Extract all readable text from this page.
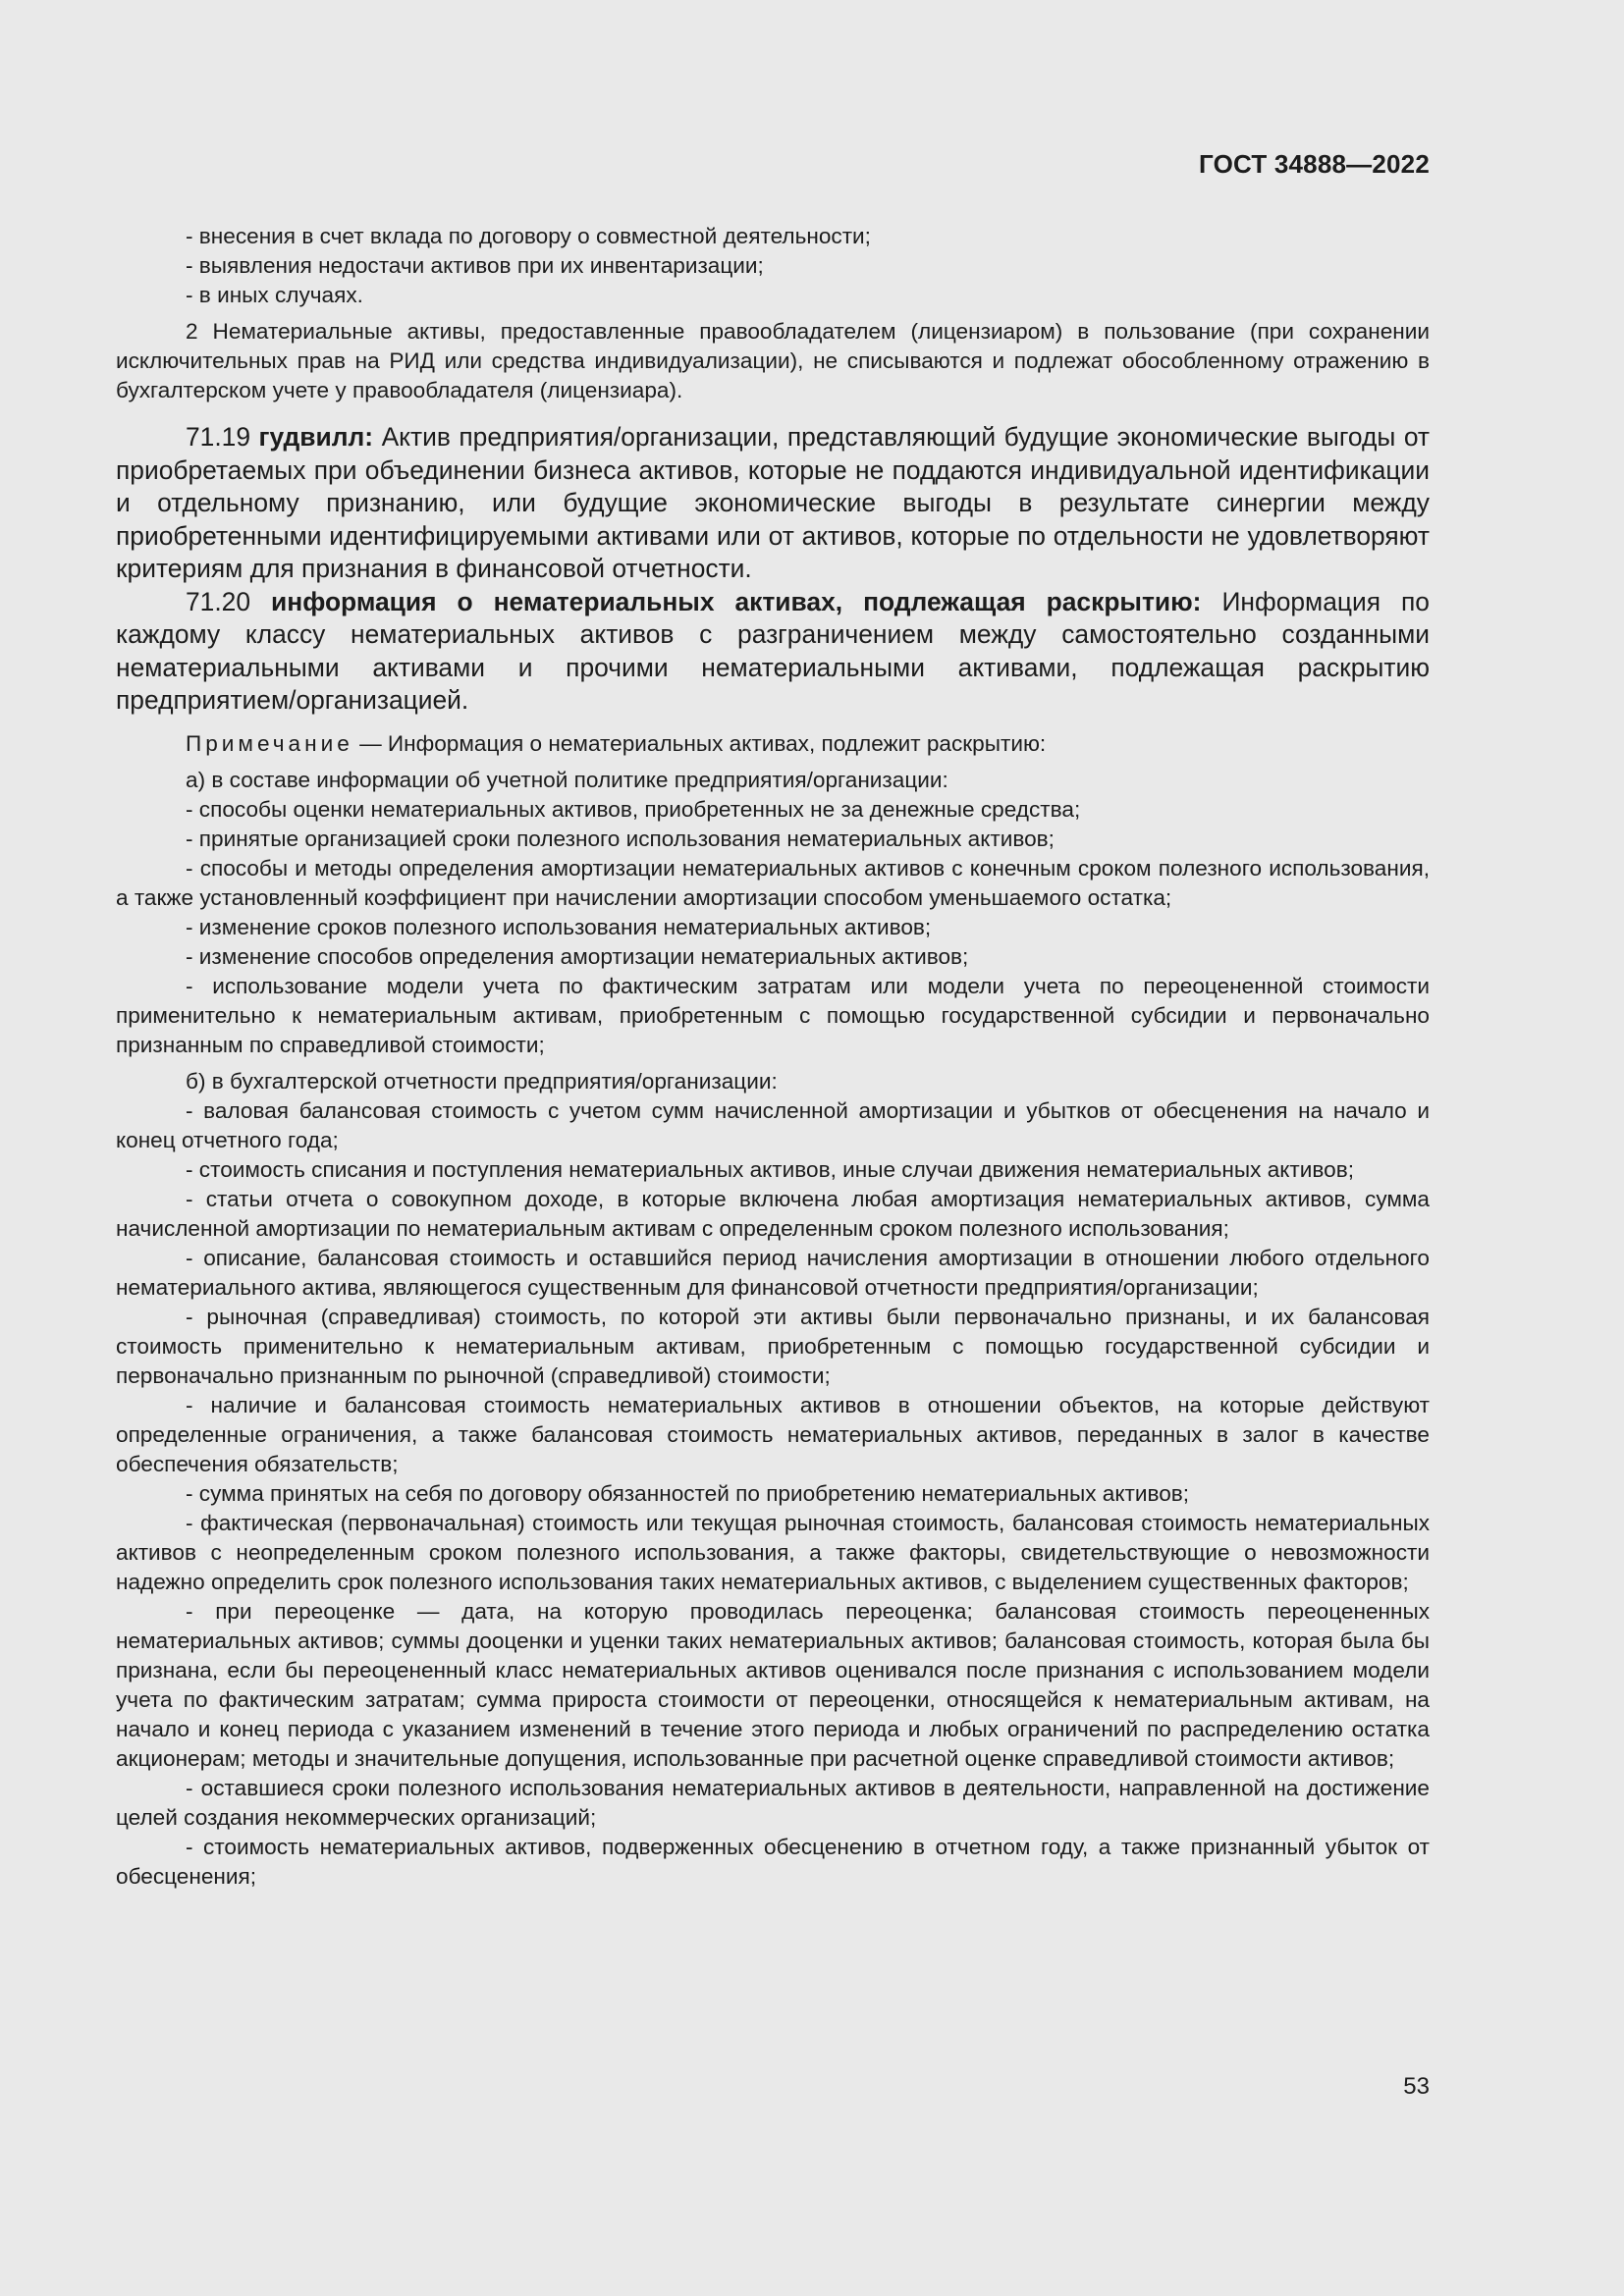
ГОСТ 34888—2022

- внесения в счет вклада по договору о совместной деятельности;

- выявления недостачи активов при их инвентаризации;

- в иных случаях.

2 Нематериальные активы, предоставленные правообладателем (лицензиаром) в пользование (при сохранении исключительных прав на РИД или средства индивидуализации), не списываются и подлежат обособленному отражению в бухгалтерском учете у правообладателя (лицензиара).

71.19 гудвилл: Актив предприятия/организации, представляющий будущие экономические выгоды от приобретаемых при объединении бизнеса активов, которые не поддаются индивидуальной идентификации и отдельному признанию, или будущие экономические выгоды в результате синергии между приобретенными идентифицируемыми активами или от активов, которые по отдельности не удовлетворяют критериям для признания в финансовой отчетности.

71.20 информация о нематериальных активах, подлежащая раскрытию: Информация по каждому классу нематериальных активов с разграничением между самостоятельно созданными нематериальными активами и прочими нематериальными активами, подлежащая раскрытию предприятием/организацией.

Примечание — Информация о нематериальных активах, подлежит раскрытию:

а) в составе информации об учетной политике предприятия/организации:

- способы оценки нематериальных активов, приобретенных не за денежные средства;

- принятые организацией сроки полезного использования нематериальных активов;

- способы и методы определения амортизации нематериальных активов с конечным сроком полезного использования, а также установленный коэффициент при начислении амортизации способом уменьшаемого остатка;

- изменение сроков полезного использования нематериальных активов;

- изменение способов определения амортизации нематериальных активов;

- использование модели учета по фактическим затратам или модели учета по переоцененной стоимости применительно к нематериальным активам, приобретенным с помощью государственной субсидии и первоначально признанным по справедливой стоимости;

б) в бухгалтерской отчетности предприятия/организации:

- валовая балансовая стоимость с учетом сумм начисленной амортизации и убытков от обесценения на начало и конец отчетного года;

- стоимость списания и поступления нематериальных активов, иные случаи движения нематериальных активов;

- статьи отчета о совокупном доходе, в которые включена любая амортизация нематериальных активов, сумма начисленной амортизации по нематериальным активам с определенным сроком полезного использования;

- описание, балансовая стоимость и оставшийся период начисления амортизации в отношении любого отдельного нематериального актива, являющегося существенным для финансовой отчетности предприятия/организации;

- рыночная (справедливая) стоимость, по которой эти активы были первоначально признаны, и их балансовая стоимость применительно к нематериальным активам, приобретенным с помощью государственной субсидии и первоначально признанным по рыночной (справедливой) стоимости;

- наличие и балансовая стоимость нематериальных активов в отношении объектов, на которые действуют определенные ограничения, а также балансовая стоимость нематериальных активов, переданных в залог в качестве обеспечения обязательств;

- сумма принятых на себя по договору обязанностей по приобретению нематериальных активов;

- фактическая (первоначальная) стоимость или текущая рыночная стоимость, балансовая стоимость нематериальных активов с неопределенным сроком полезного использования, а также факторы, свидетельствующие о невозможности надежно определить срок полезного использования таких нематериальных активов, с выделением существенных факторов;

- при переоценке — дата, на которую проводилась переоценка; балансовая стоимость переоцененных нематериальных активов; суммы дооценки и уценки таких нематериальных активов; балансовая стоимость, которая была бы признана, если бы переоцененный класс нематериальных активов оценивался после признания с использованием модели учета по фактическим затратам; сумма прироста стоимости от переоценки, относящейся к нематериальным активам, на начало и конец периода с указанием изменений в течение этого периода и любых ограничений по распределению остатка акционерам; методы и значительные допущения, использованные при расчетной оценке справедливой стоимости активов;

- оставшиеся сроки полезного использования нематериальных активов в деятельности, направленной на достижение целей создания некоммерческих организаций;

- стоимость нематериальных активов, подверженных обесценению в отчетном году, а также признанный убыток от обесценения;

53
